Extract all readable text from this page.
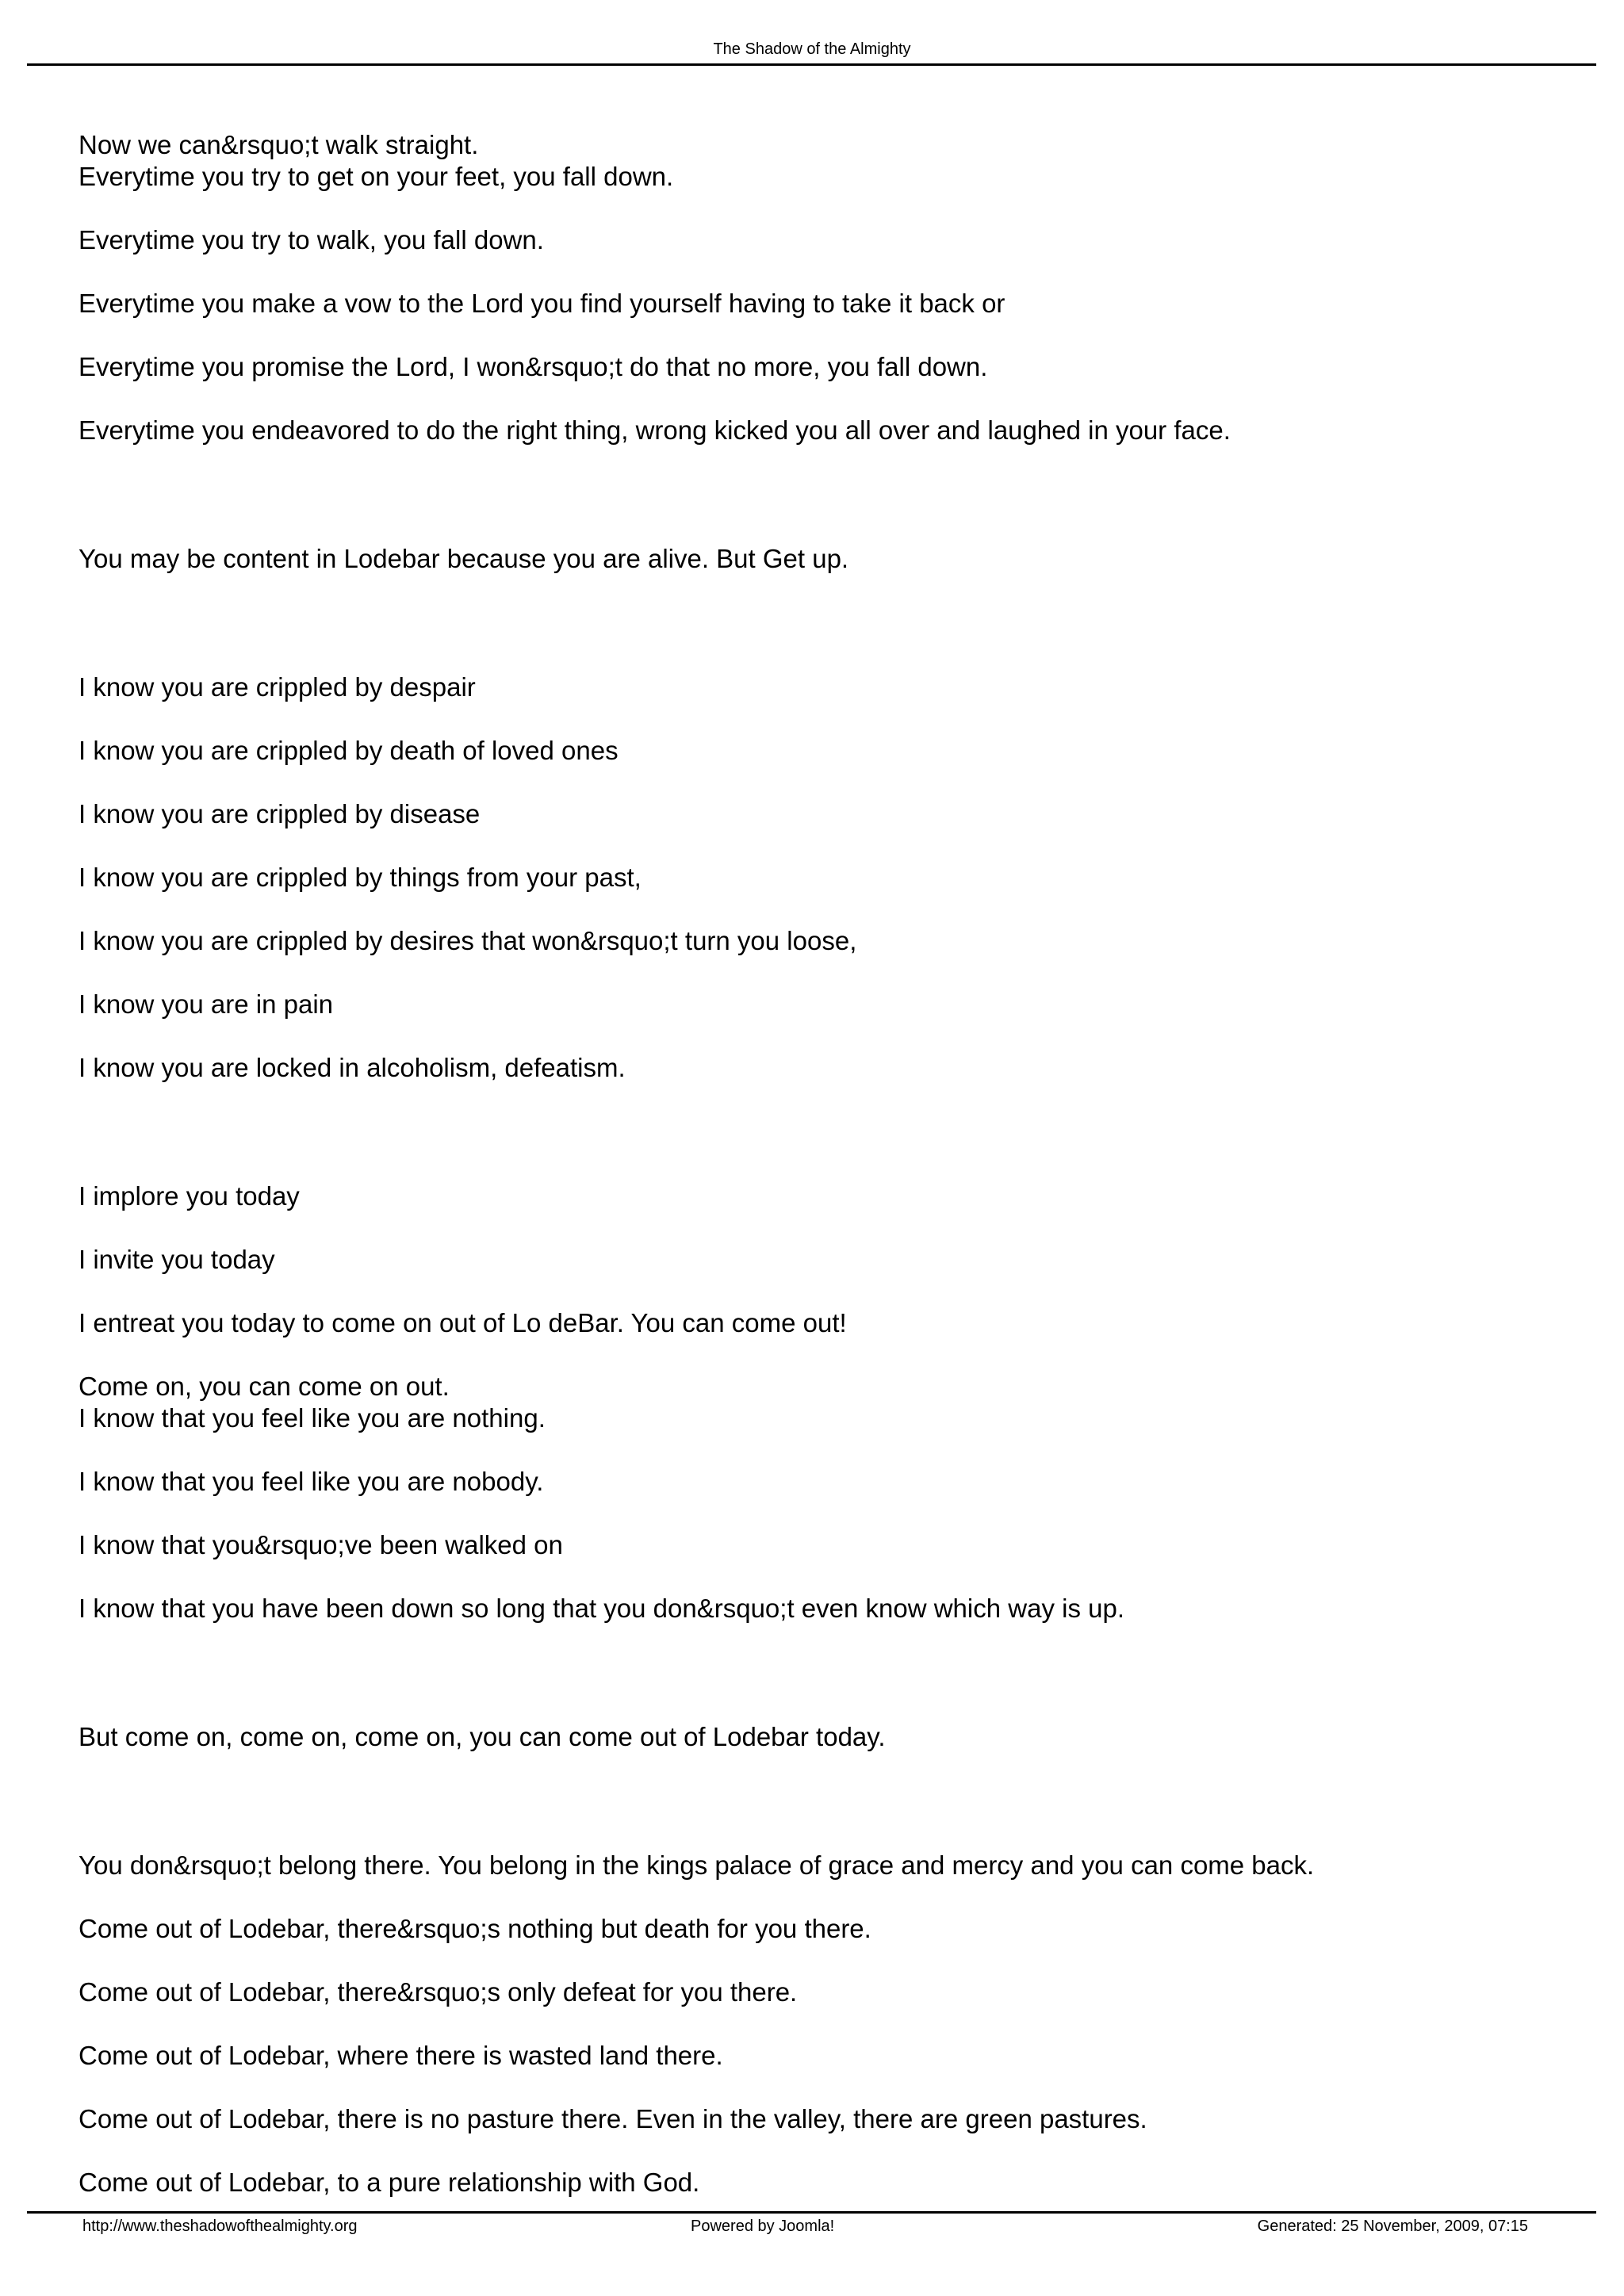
The Shadow of the Almighty
Now we can&rsquo;t walk straight.
Everytime you try to get on your feet, you fall down.
Everytime you try to walk, you fall down.
Everytime you make a vow to the Lord you find yourself having to take it back or
Everytime you promise the Lord, I won&rsquo;t do that no more, you fall down.
Everytime you endeavored to do the right thing, wrong kicked you all over and laughed in your face.
You may be content in Lodebar because you are alive. But Get up.
I know you are crippled by despair
I know you are crippled by death of loved ones
I know you are crippled by disease
I know you are crippled by things from your past,
I know you are crippled by desires that won&rsquo;t turn you loose,
I know you are in pain
I know you are locked in alcoholism, defeatism.
I implore you today
I invite you today
I entreat you today to come on out of Lo deBar. You can come out!
Come on, you can come on out.
I know that you feel like you are nothing.
I know that you feel like you are nobody.
I know that you&rsquo;ve been walked on
I know that you have been down so long that you don&rsquo;t even know which way is up.
But come on, come on, come on, you can come out of Lodebar today.
You don&rsquo;t belong there. You belong in the kings palace of grace and mercy and you can come back.
Come out of Lodebar, there&rsquo;s nothing but death for you there.
Come out of Lodebar, there&rsquo;s only defeat for you there.
Come out of Lodebar, where there is wasted land there.
Come out of Lodebar, there is no pasture there. Even in the valley, there are green pastures.
Come out of Lodebar, to a pure relationship with God.
http://www.theshadowofthealmighty.org	Powered by Joomla!	Generated: 25 November, 2009, 07:15
